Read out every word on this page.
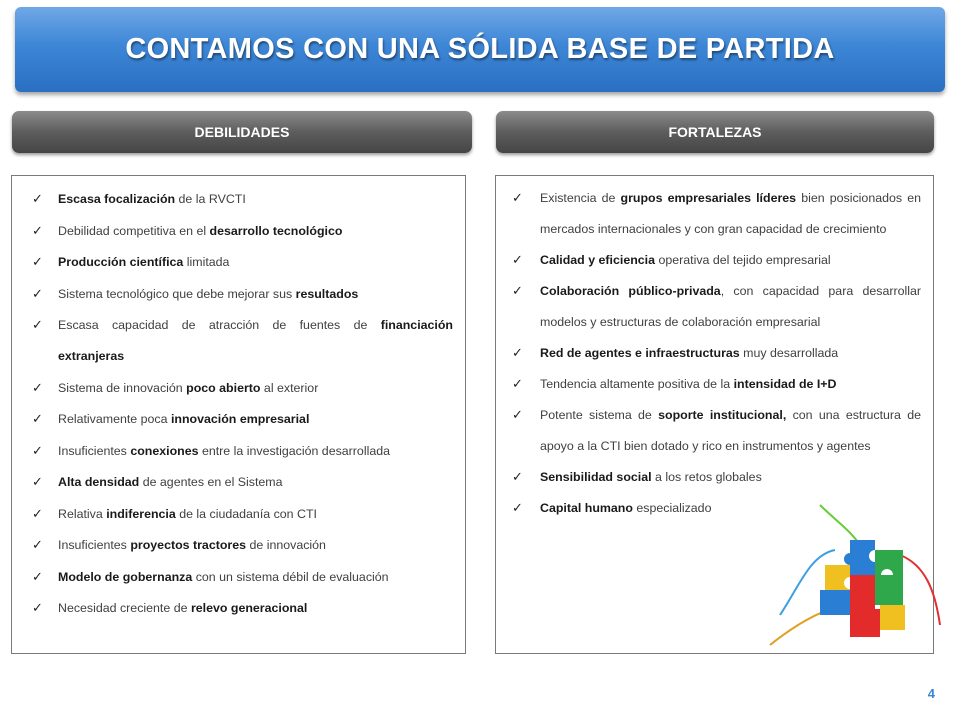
CONTAMOS CON UNA SÓLIDA BASE DE PARTIDA
DEBILIDADES	FORTALEZAS
✓ Escasa focalización de la RVCTI
✓ Debilidad competitiva en el desarrollo tecnológico
✓ Producción científica limitada
✓ Sistema tecnológico que debe mejorar sus resultados
✓ Escasa capacidad de atracción de fuentes de financiación extranjeras
✓ Sistema de innovación poco abierto al exterior
✓ Relativamente poca innovación empresarial
✓ Insuficientes conexiones entre la investigación desarrollada
✓ Alta densidad de agentes en el Sistema
✓ Relativa indiferencia de la ciudadanía con CTI
✓ Insuficientes proyectos tractores de innovación
✓ Modelo de gobernanza con un sistema débil de evaluación
✓ Necesidad creciente de relevo generacional
✓ Existencia de grupos empresariales líderes bien posicionados en mercados internacionales y con gran capacidad de crecimiento
✓ Calidad y eficiencia operativa del tejido empresarial
✓ Colaboración público-privada, con capacidad para desarrollar modelos y estructuras de colaboración empresarial
✓ Red de agentes e infraestructuras muy desarrollada
✓ Tendencia altamente positiva de la intensidad de I+D
✓ Potente sistema de soporte institucional, con una estructura de apoyo a la CTI bien dotado y rico en instrumentos y agentes
✓ Sensibilidad social a los retos globales
✓ Capital humano especializado
4
